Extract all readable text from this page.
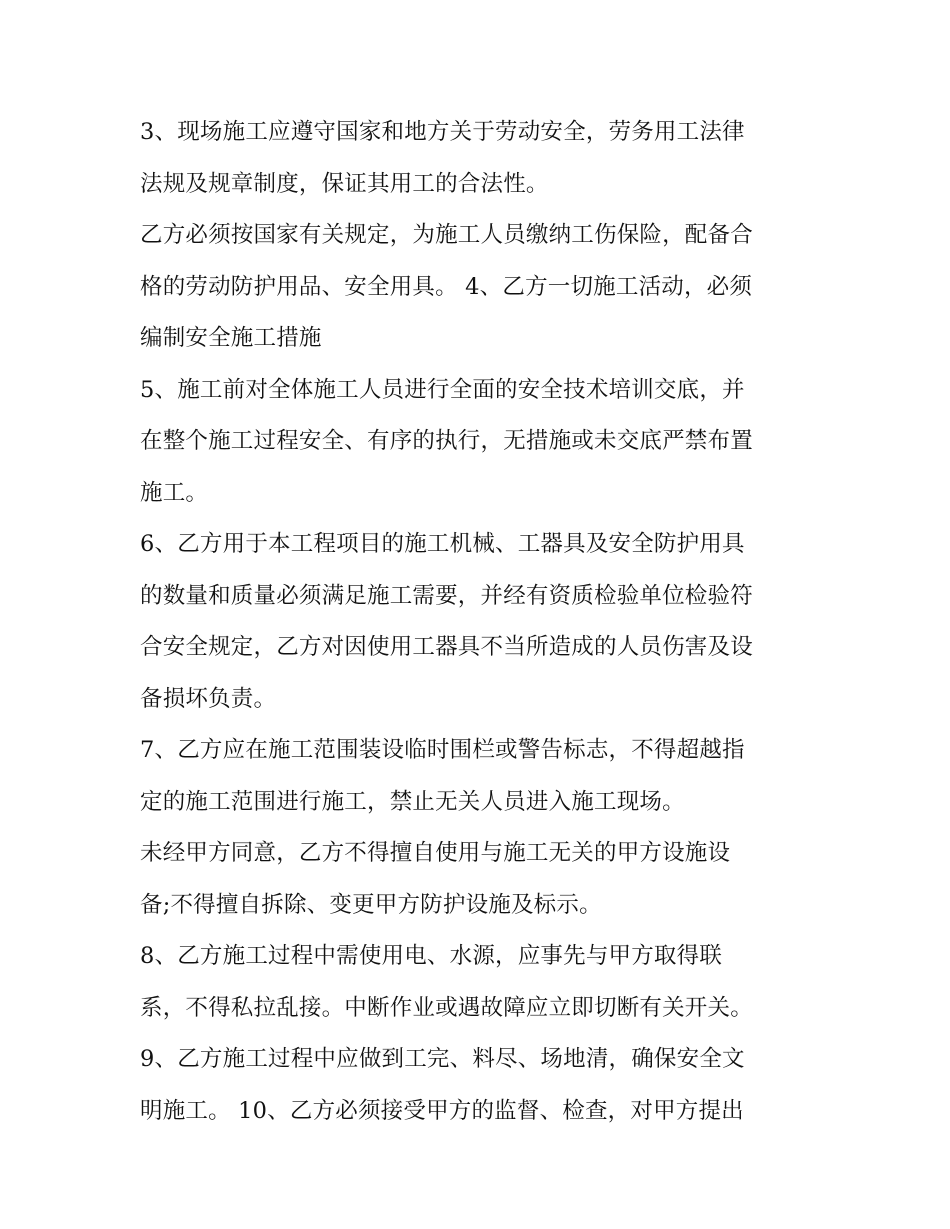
3、现场施工应遵守国家和地方关于劳动安全，劳务用工法律
法规及规章制度，保证其用工的合法性。
乙方必须按国家有关规定，为施工人员缴纳工伤保险，配备合
格的劳动防护用品、安全用具。 4、乙方一切施工活动，必须
编制安全施工措施
5、施工前对全体施工人员进行全面的安全技术培训交底，并
在整个施工过程安全、有序的执行，无措施或未交底严禁布置
施工。
6、乙方用于本工程项目的施工机械、工器具及安全防护用具
的数量和质量必须满足施工需要，并经有资质检验单位检验符
合安全规定，乙方对因使用工器具不当所造成的人员伤害及设
备损坏负责。
7、乙方应在施工范围装设临时围栏或警告标志，不得超越指
定的施工范围进行施工，禁止无关人员进入施工现场。
未经甲方同意，乙方不得擅自使用与施工无关的甲方设施设
备;不得擅自拆除、变更甲方防护设施及标示。
8、乙方施工过程中需使用电、水源，应事先与甲方取得联
系，不得私拉乱接。中断作业或遇故障应立即切断有关开关。
9、乙方施工过程中应做到工完、料尽、场地清，确保安全文
明施工。 10、乙方必须接受甲方的监督、检查，对甲方提出
